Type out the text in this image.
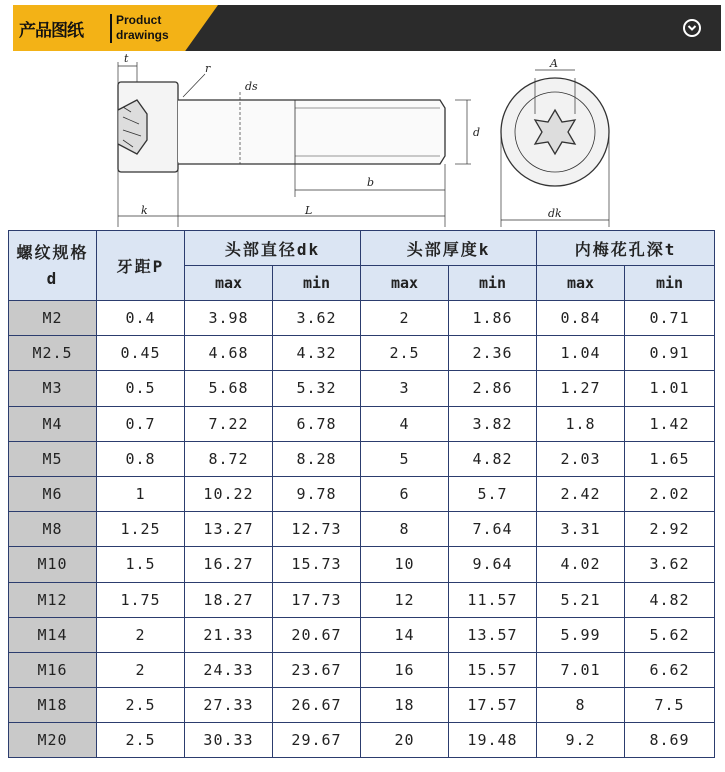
产品图纸
Product
drawings
t
r
ds
d
b
k	L
A
dk
螺纹规格d	牙距P	头部直径dk		头部厚度k		内梅花孔深t	
		max	min	max	min	max	min
M2	0.4	3.98	3.62	2	1.86	0.84	0.71
M2.5	0.45	4.68	4.32	2.5	2.36	1.04	0.91
M3	0.5	5.68	5.32	3	2.86	1.27	1.01
M4	0.7	7.22	6.78	4	3.82	1.8	1.42
M5	0.8	8.72	8.28	5	4.82	2.03	1.65
M6	1	10.22	9.78	6	5.7	2.42	2.02
M8	1.25	13.27	12.73	8	7.64	3.31	2.92
M10	1.5	16.27	15.73	10	9.64	4.02	3.62
M12	1.75	18.27	17.73	12	11.57	5.21	4.82
M14	2	21.33	20.67	14	13.57	5.99	5.62
M16	2	24.33	23.67	16	15.57	7.01	6.62
M18	2.5	27.33	26.67	18	17.57	8	7.5
M20	2.5	30.33	29.67	20	19.48	9.2	8.69
